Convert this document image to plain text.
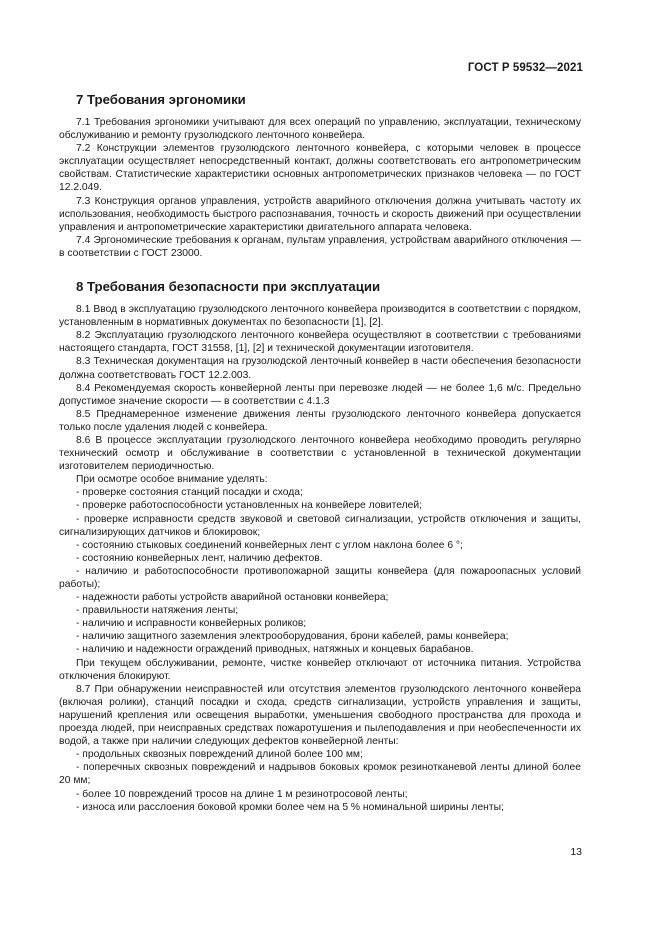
ГОСТ Р 59532—2021
7 Требования эргономики

7.1 Требования эргономики учитывают для всех операций по управлению, эксплуатации, техническому обслуживанию и ремонту грузолюдского ленточного конвейера.

7.2 Конструкции элементов грузолюдского ленточного конвейера, с которыми человек в процессе эксплуатации осуществляет непосредственный контакт, должны соответствовать его антропометрическим свойствам. Статистические характеристики основных антропометрических признаков человека — по ГОСТ 12.2.049.

7.3 Конструкция органов управления, устройств аварийного отключения должна учитывать частоту их использования, необходимость быстрого распознавания, точность и скорость движений при осуществлении управления и антропометрические характеристики двигательного аппарата человека.

7.4 Эргономические требования к органам, пультам управления, устройствам аварийного отключения — в соответствии с ГОСТ 23000.

8 Требования безопасности при эксплуатации

8.1 Ввод в эксплуатацию грузолюдского ленточного конвейера производится в соответствии с порядком, установленным в нормативных документах по безопасности [1], [2].

8.2 Эксплуатацию грузолюдского ленточного конвейера осуществляют в соответствии с требованиями настоящего стандарта, ГОСТ 31558, [1], [2] и технической документации изготовителя.

8.3 Техническая документация на грузолюдской ленточный конвейер в части обеспечения безопасности должна соответствовать ГОСТ 12.2.003.

8.4 Рекомендуемая скорость конвейерной ленты при перевозке людей — не более 1,6 м/с. Предельно допустимое значение скорости — в соответствии с 4.1.3

8.5 Преднамеренное изменение движения ленты грузолюдского ленточного конвейера допускается только после удаления людей с конвейера.

8.6 В процессе эксплуатации грузолюдского ленточного конвейера необходимо проводить регулярно технический осмотр и обслуживание в соответствии с установленной в технической документации изготовителем периодичностью.

При осмотре особое внимание уделять:

- проверке состояния станций посадки и схода;

- проверке работоспособности установленных на конвейере ловителей;

- проверке исправности средств звуковой и световой сигнализации, устройств отключения и защиты, сигнализирующих датчиков и блокировок;

- состоянию стыковых соединений конвейерных лент с углом наклона более 6 °;

- состоянию конвейерных лент, наличию дефектов.

- наличию и работоспособности противопожарной защиты конвейера (для пожароопасных условий работы);

- надежности работы устройств аварийной остановки конвейера;

- правильности натяжения ленты;

- наличию и исправности конвейерных роликов;

- наличию защитного заземления электрооборудования, брони кабелей, рамы конвейера;

- наличию и надежности ограждений приводных, натяжных и концевых барабанов.

При текущем обслуживании, ремонте, чистке конвейер отключают от источника питания. Устройства отключения блокируют.

8.7 При обнаружении неисправностей или отсутствия элементов грузолюдского ленточного конвейера (включая ролики), станций посадки и схода, средств сигнализации, устройств управления и защиты, нарушений крепления или освещения выработки, уменьшения свободного пространства для прохода и проезда людей, при неисправных средствах пожаротушения и пылеподавления и при необеспеченности их водой, а также при наличии следующих дефектов конвейерной ленты:

- продольных сквозных повреждений длиной более 100 мм;

- поперечных сквозных повреждений и надрывов боковых кромок резинотканевой ленты длиной более 20 мм;

- более 10 повреждений тросов на длине 1 м резинотросовой ленты;

- износа или расслоения боковой кромки более чем на 5 % номинальной ширины ленты;

13
